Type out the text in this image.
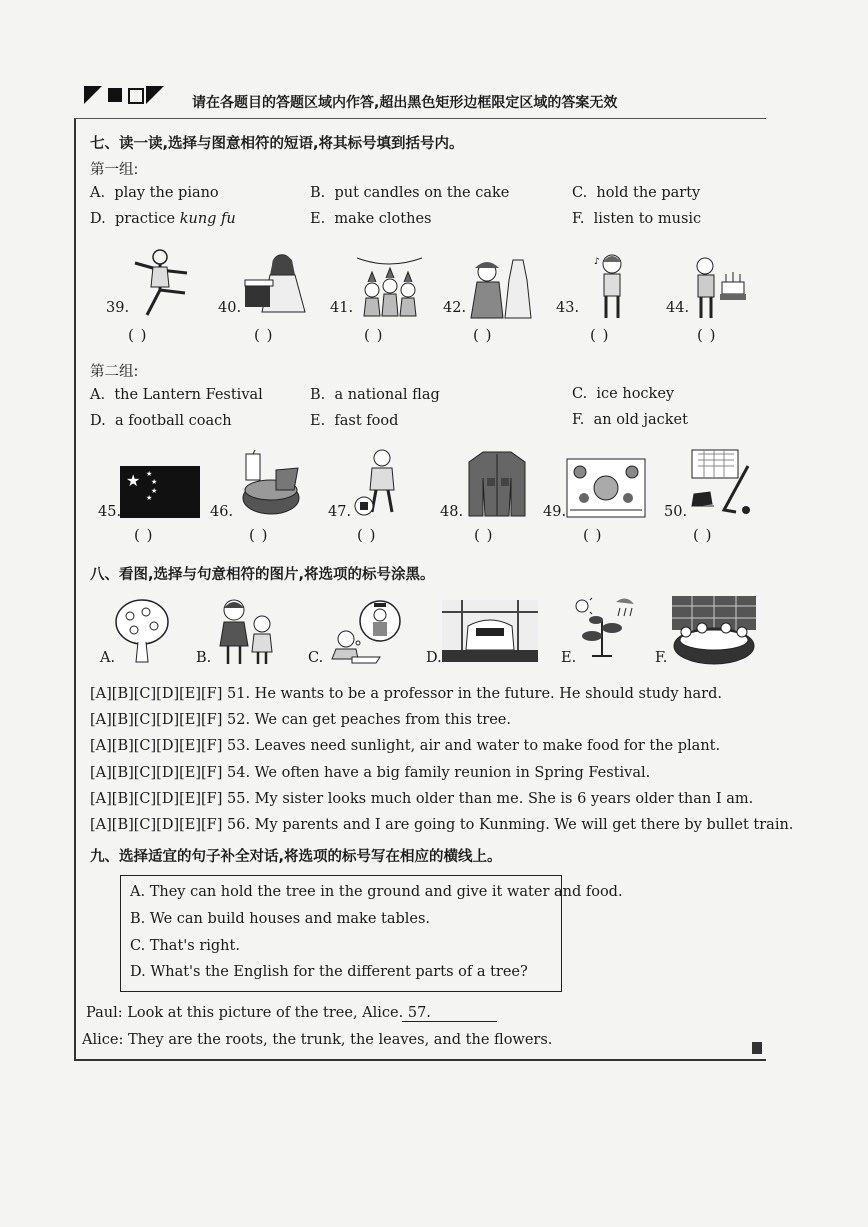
请在各题目的答题区域内作答,超出黑色矩形边框限定区域的答案无效
七、读一读,选择与图意相符的短语,将其标号填到括号内。
第一组:
A. play the piano	B. put candles on the cake	C. hold the party
D. practice kung fu	E. make clothes	F. listen to music
♪
39.	40.	41.	42.	43.	44.
( )	( )	( )	( )	( )	( )
第二组:
A. the Lantern Festival	B. a national flag	C. ice hockey
D. a football coach	E. fast food	F. an old jacket
★ ★
★
★
★
45.	46.	47.	48.	49.	50.
( )	( )	( )	( )	( )	( )
八、看图,选择与句意相符的图片,将选项的标号涂黑。
A.	B.	C.	D.	E.	F.
[A][B][C][D][E][F] 51. He wants to be a professor in the future. He should study hard.
[A][B][C][D][E][F] 52. We can get peaches from this tree.
[A][B][C][D][E][F] 53. Leaves need sunlight, air and water to make food for the plant.
[A][B][C][D][E][F] 54. We often have a big family reunion in Spring Festival.
[A][B][C][D][E][F] 55. My sister looks much older than me. She is 6 years older than I am.
[A][B][C][D][E][F] 56. My parents and I are going to Kunming. We will get there by bullet train.
九、选择适宜的句子补全对话,将选项的标号写在相应的横线上。
A. They can hold the tree in the ground and give it water and food.
B. We can build houses and make tables.
C. That's right.
D. What's the English for the different parts of a tree?
Paul: Look at this picture of the tree, Alice. 57.
Alice: They are the roots, the trunk, the leaves, and the flowers.
